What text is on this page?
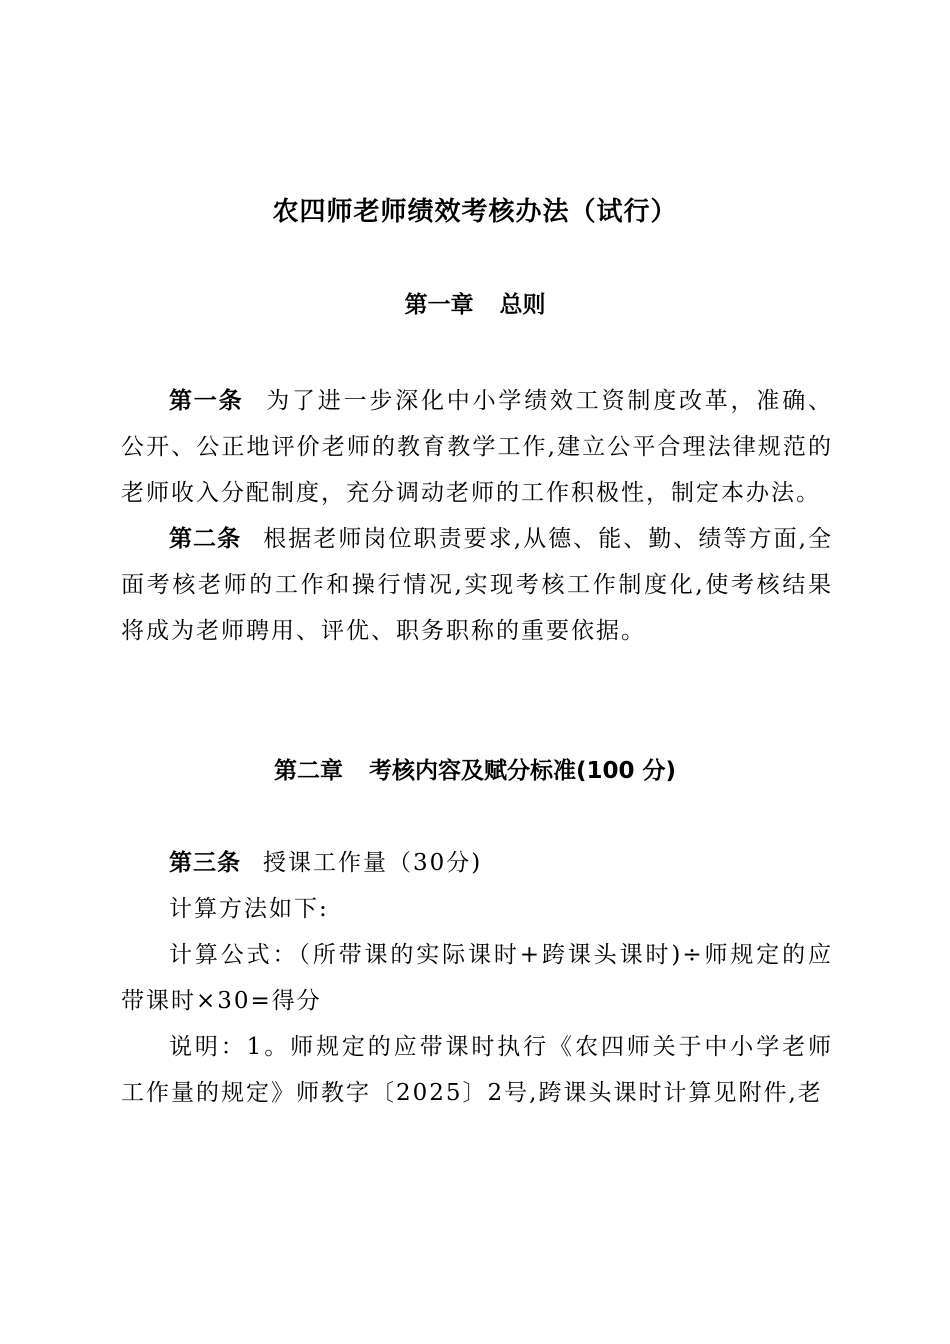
农四师老师绩效考核办法（试行）
第一章 总则

第一条 为了进一步深化中小学绩效工资制度改革，准确、公开、公正地评价老师的教育教学工作,建立公平合理法律规范的老师收入分配制度，充分调动老师的工作积极性，制定本办法。

第二条 根据老师岗位职责要求,从德、能、勤、绩等方面,全面考核老师的工作和操行情况,实现考核工作制度化,使考核结果将成为老师聘用、评优、职务职称的重要依据。

第二章 考核内容及赋分标准(100 分)

第三条 授课工作量（30分)

计算方法如下:

计算公式：（所带课的实际课时+跨课头课时)÷师规定的应带课时×30=得分

说明：1。师规定的应带课时执行《农四师关于中小学老师工作量的规定》师教字〔2025〕2号,跨课头课时计算见附件,老
